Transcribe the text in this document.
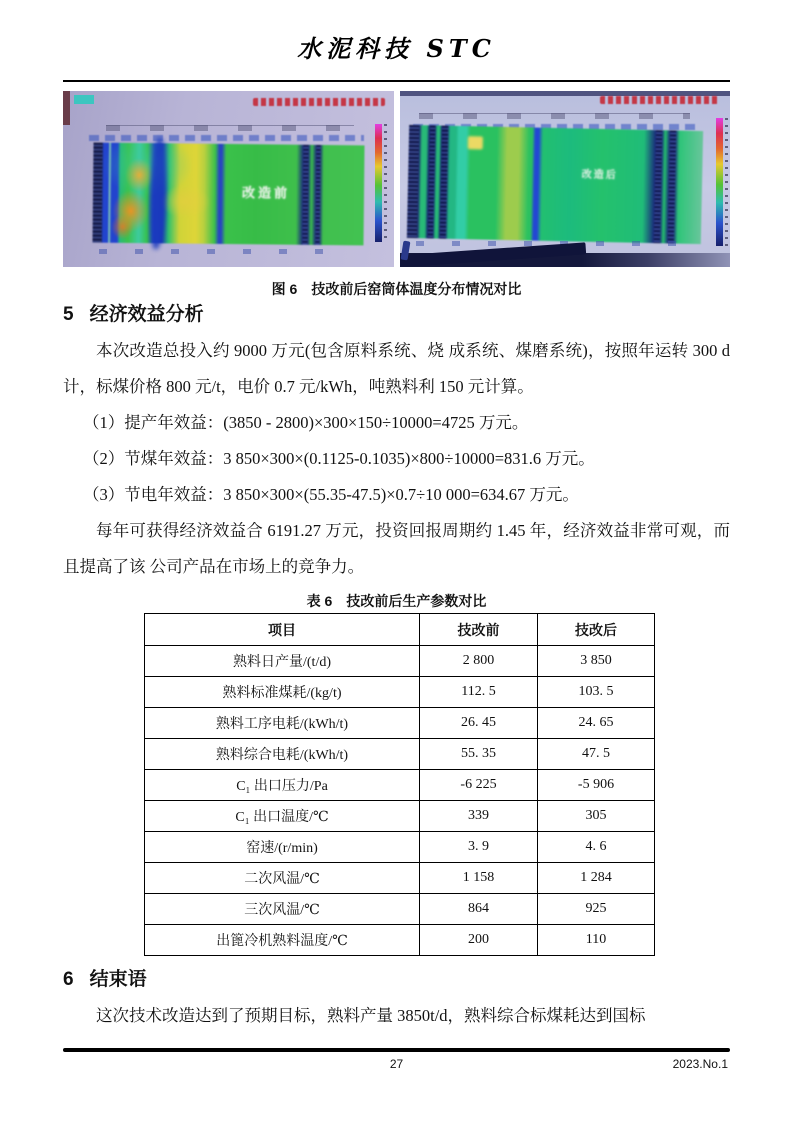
水泥科技 STC
改造前
改造后
图 6　技改前后窑筒体温度分布情况对比
5 经济效益分析

本次改造总投入约 9000 万元(包含原料系统、烧 成系统、煤磨系统)，按照年运转 300 d 计，标煤价格 800 元/t，电价 0.7 元/kWh，吨熟料利 150 元计算。

（1）提产年效益：(3850 - 2800)×300×150÷10000=4725 万元。

（2）节煤年效益：3 850×300×(0.1125-0.1035)×800÷10000=831.6 万元。

（3）节电年效益：3 850×300×(55.35-47.5)×0.7÷10 000=634.67 万元。

每年可获得经济效益合 6191.27 万元，投资回报周期约 1.45 年，经济效益非常可观，而且提高了该 公司产品在市场上的竞争力。

表 6　技改前后生产参数对比
项目	技改前	技改后
熟料日产量/(t/d)	2 800	3 850
熟料标准煤耗/(kg/t)	112. 5	103. 5
熟料工序电耗/(kWh/t)	26. 45	24. 65
熟料综合电耗/(kWh/t)	55. 35	47. 5
C₁ 出口压力/Pa	-6 225	-5 906
C₁ 出口温度/℃	339	305
窑速/(r/min)	3. 9	4. 6
二次风温/℃	1 158	1 284
三次风温/℃	864	925
出篦冷机熟料温度/℃	200	110
6 结束语

这次技术改造达到了预期目标，熟料产量 3850t/d，熟料综合标煤耗达到国标

27	2023.No.1
